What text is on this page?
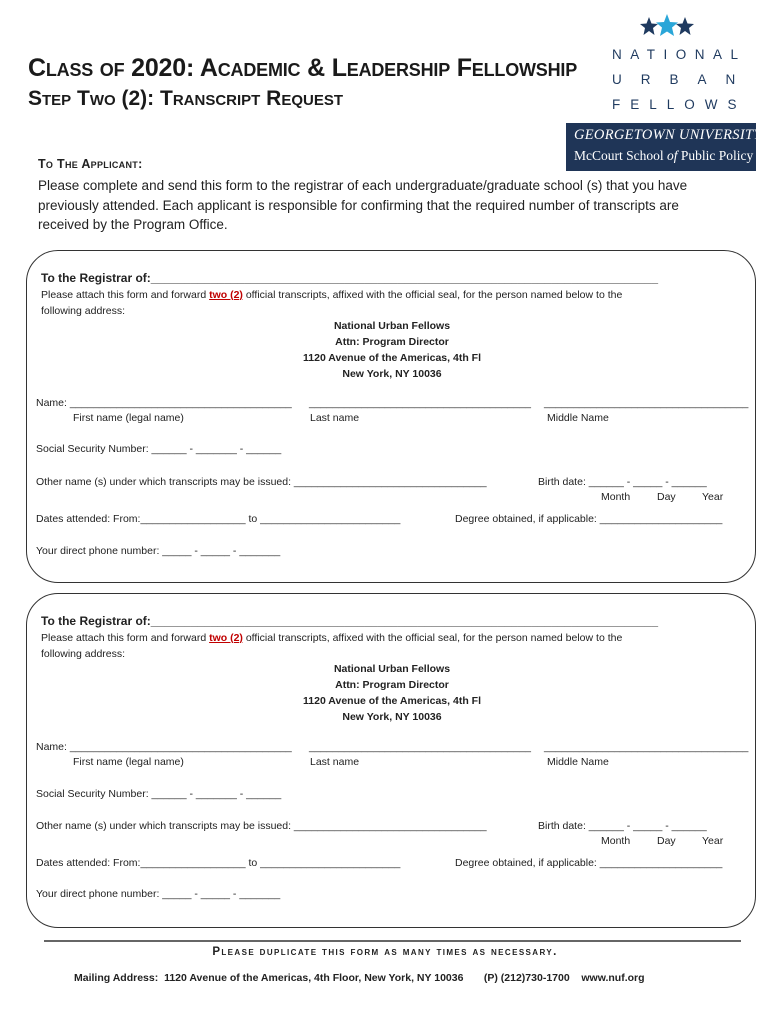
Class of 2020: Academic & Leadership Fellowship
Step Two (2): Transcript Request
NATIONAL
URBAN
FELLOWS
GEORGETOWN UNIVERSITY
McCourt School of Public Policy
To The Applicant:
Please complete and send this form to the registrar of each undergraduate/graduate school (s) that you have previously attended. Each applicant is responsible for confirming that the required number of transcripts are received by the Program Office.
To the Registrar of:____________________________________________________________________________
Please attach this form and forward two (2) official transcripts, affixed with the official seal, for the person named below to the
following address:
National Urban Fellows
Attn: Program Director
1120 Avenue of the Americas, 4th Fl
New York, NY 10036
Name: ______________________________________ ______________________________________ ___________________________________
First name (legal name)	Last name	Middle Name
Social Security Number: ______ - _______ - ______
Other name (s) under which transcripts may be issued: _________________________________	Birth date: ______ - _____ - ______
Month	Day	Year
Dates attended: From:__________________ to ________________________	Degree obtained, if applicable: _____________________
Your direct phone number: _____ - _____ - _______
To the Registrar of:____________________________________________________________________________
Please attach this form and forward two (2) official transcripts, affixed with the official seal, for the person named below to the
following address:
National Urban Fellows
Attn: Program Director
1120 Avenue of the Americas, 4th Fl
New York, NY 10036
Name: ______________________________________ ______________________________________ ___________________________________
First name (legal name)	Last name	Middle Name
Social Security Number: ______ - _______ - ______
Other name (s) under which transcripts may be issued: _________________________________	Birth date: ______ - _____ - ______
Month	Day	Year
Dates attended: From:__________________ to ________________________	Degree obtained, if applicable: _____________________
Your direct phone number: _____ - _____ - _______
Please duplicate this form as many times as necessary.
Mailing Address: 1120 Avenue of the Americas, 4th Floor, New York, NY 10036 (P) (212)730-1700 www.nuf.org
